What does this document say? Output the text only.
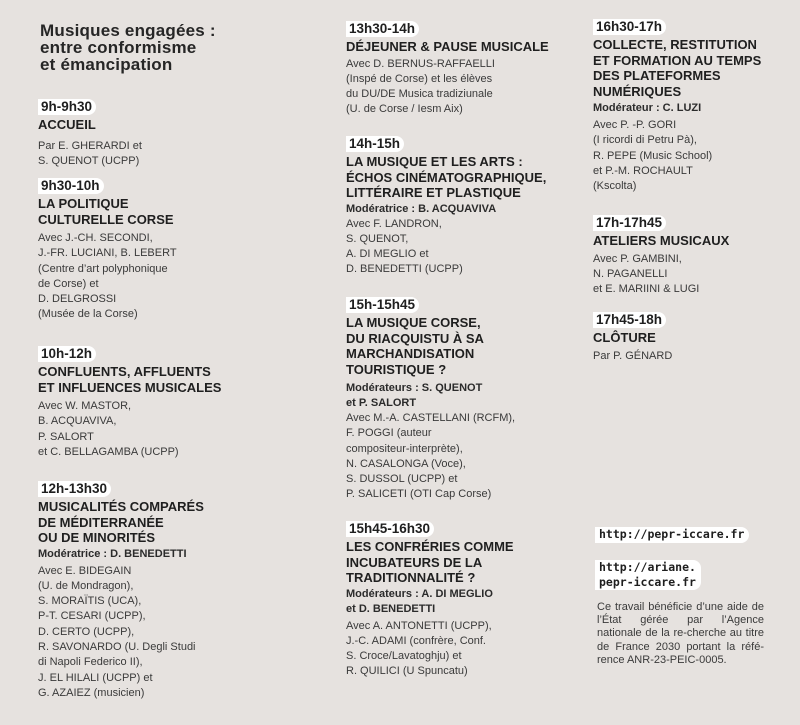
Musiques engagées :
entre conformisme
et émancipation
9h-9h30
ACCUEIL
Par E. GHERARDI et
S. QUENOT (UCPP)
9h30-10h
LA POLITIQUE
CULTURELLE CORSE
Avec J.-CH. SECONDI,
J.-FR. LUCIANI, B. LEBERT
(Centre d’art polyphonique
de Corse) et
D. DELGROSSI
(Musée de la Corse)
10h-12h
CONFLUENTS, AFFLUENTS
ET INFLUENCES MUSICALES
Avec W. MASTOR,
B. ACQUAVIVA,
P. SALORT
et C. BELLAGAMBA (UCPP)
12h-13h30
MUSICALITÉS COMPARÉS
DE MÉDITERRANÉE
OU DE MINORITÉS
Modératrice : D. BENEDETTI
Avec E. BIDEGAIN
(U. de Mondragon),
S. MORAÏTIS (UCA),
P-T. CESARI (UCPP),
D. CERTO (UCPP),
R. SAVONARDO (U. Degli Studi
di Napoli Federico II),
J. EL HILALI (UCPP) et
G. AZAIEZ (musicien)
13h30-14h
DÉJEUNER & PAUSE MUSICALE
Avec D. BERNUS-RAFFAELLI
(Inspé de Corse) et les élèves
du DU/DE Musica tradiziunale
(U. de Corse / Iesm Aix)
14h-15h
LA MUSIQUE ET LES ARTS :
ÉCHOS CINÉMATOGRAPHIQUE,
LITTÉRAIRE ET PLASTIQUE
Modératrice : B. ACQUAVIVA
Avec F. LANDRON,
S. QUENOT,
A. DI MEGLIO et
D. BENEDETTI (UCPP)
15h-15h45
LA MUSIQUE CORSE,
DU RIACQUISTU À SA
MARCHANDISATION
TOURISTIQUE ?
Modérateurs : S. QUENOT
et P. SALORT
Avec M.-A. CASTELLANI (RCFM),
F. POGGI (auteur
compositeur-interprète),
N. CASALONGA (Voce),
S. DUSSOL (UCPP) et
P. SALICETI (OTI Cap Corse)
15h45-16h30
LES CONFRÉRIES COMME
INCUBATEURS DE LA
TRADITIONNALITÉ ?
Modérateurs : A. DI MEGLIO
et D. BENEDETTI
Avec A. ANTONETTI (UCPP),
J.-C. ADAMI (confrère, Conf.
S. Croce/Lavatoghju) et
R. QUILICI (U Spuncatu)
16h30-17h
COLLECTE, RESTITUTION
ET FORMATION AU TEMPS
DES PLATEFORMES
NUMÉRIQUES
Modérateur : C. LUZI
Avec P. -P. GORI
(I ricordi di Petru Pà),
R. PEPE (Music School)
et P.-M. ROCHAULT
(Kscolta)
17h-17h45
ATELIERS MUSICAUX
Avec P. GAMBINI,
N. PAGANELLI
et E. MARIINI & LUGI
17h45-18h
CLÔTURE
Par P. GÉNARD
http://pepr-iccare.fr
http://ariane.
pepr-iccare.fr
Ce travail bénéficie d’une aide de l’État gérée par l’Agence nationale de la re-cherche au titre de France 2030 portant la réfé-rence ANR-23-PEIC-0005.
